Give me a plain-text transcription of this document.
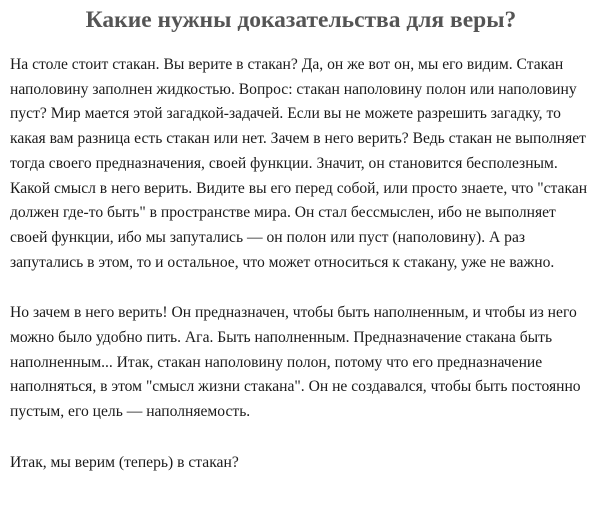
Какие нужны доказательства для веры?

На столе стоит стакан. Вы верите в стакан? Да, он же вот он, мы его видим. Стакан наполовину заполнен жидкостью. Вопрос: стакан наполовину полон или наполовину пуст? Мир мается этой загадкой-задачей. Если вы не можете разрешить загадку, то какая вам разница есть стакан или нет. Зачем в него верить? Ведь стакан не выполняет тогда своего предназначения, своей функции. Значит, он становится бесполезным. Какой смысл в него верить. Видите вы его перед собой, или просто знаете, что "стакан должен где-то быть" в пространстве мира. Он стал бессмыслен, ибо не выполняет своей функции, ибо мы запутались — он полон или пуст (наполовину). А раз запутались в этом, то и остальное, что может относиться к стакану, уже не важно.

Но зачем в него верить! Он предназначен, чтобы быть наполненным, и чтобы из него можно было удобно пить. Ага. Быть наполненным. Предназначение стакана быть наполненным... Итак, стакан наполовину полон, потому что его предназначение наполняться, в этом "смысл жизни стакана". Он не создавался, чтобы быть постоянно пустым, его цель — наполняемость.

Итак, мы верим (теперь) в стакан?
